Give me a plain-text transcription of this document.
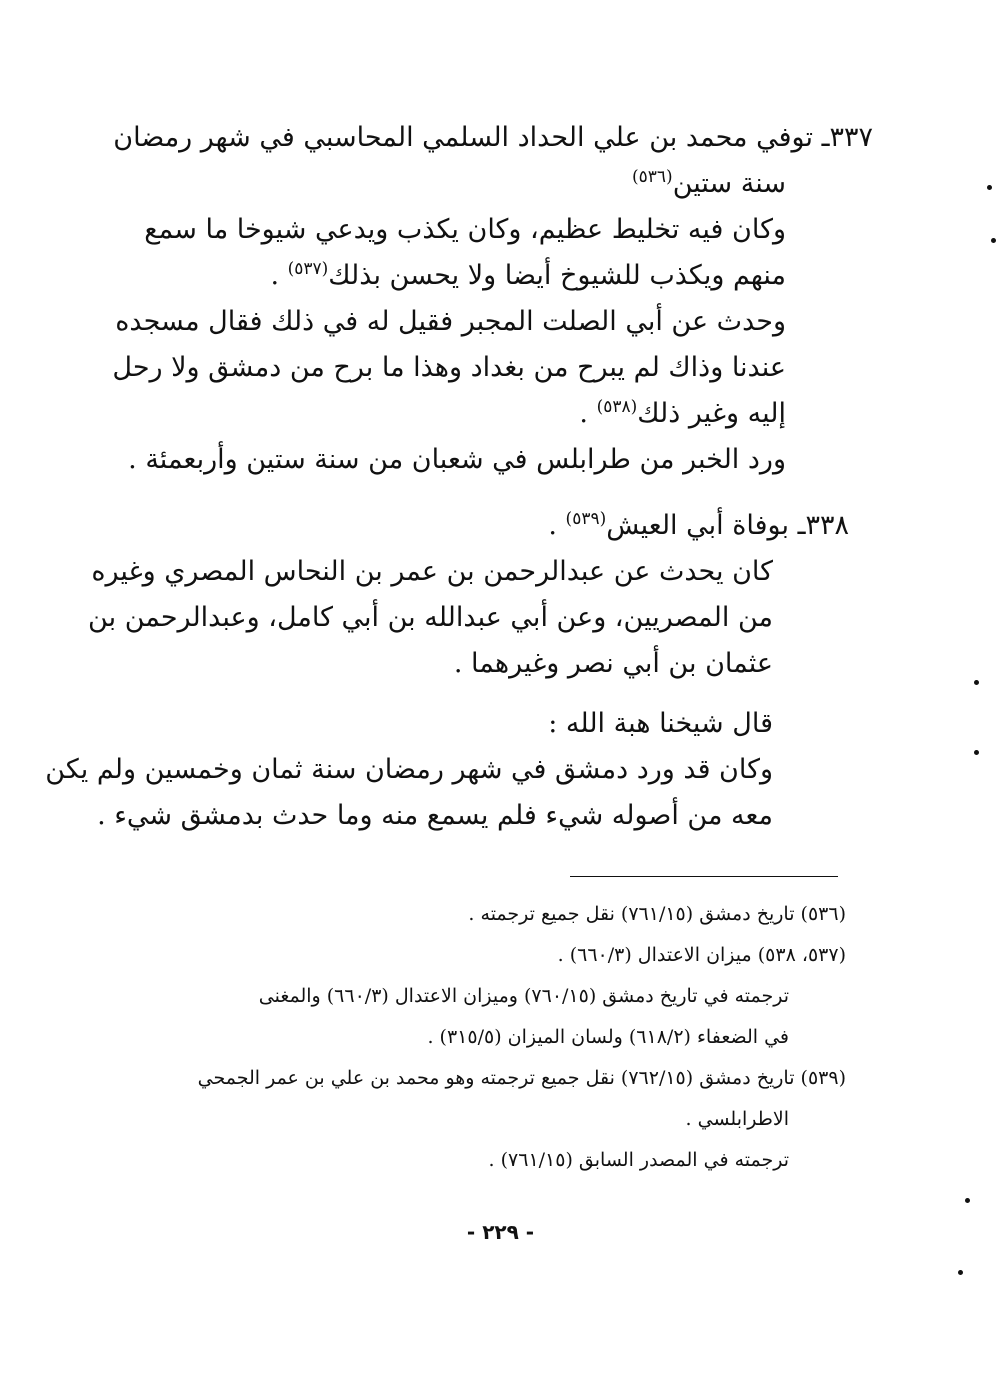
٣٣٧ـ توفي محمد بن علي الحداد السلمي المحاسبي في شهر رمضان
سنة ستين$^{(٥٣٦)}$
وكان فيه تخليط عظيم، وكان يكذب ويدعي شيوخا ما سمع
منهم ويكذب للشيوخ أيضا ولا يحسن بذلك$^{(٥٣٧)}$ .
وحدث عن أبي الصلت المجبر فقيل له في ذلك فقال مسجده
عندنا وذاك لم يبرح من بغداد وهذا ما برح من دمشق ولا رحل
إليه وغير ذلك$^{(٥٣٨)}$ .
ورد الخبر من طرابلس في شعبان من سنة ستين وأربعمئة .
٣٣٨ـ بوفاة أبي العيش$^{(٥٣٩)}$ .
كان يحدث عن عبدالرحمن بن عمر بن النحاس المصري وغيره
من المصريين، وعن أبي عبدالله بن أبي كامل، وعبدالرحمن بن
عثمان بن أبي نصر وغيرهما .
قال شيخنا هبة الله :
وكان قد ورد دمشق في شهر رمضان سنة ثمان وخمسين ولم يكن
معه من أصوله شيء فلم يسمع منه وما حدث بدمشق شيء .
(٥٣٦) تاريخ دمشق (٧٦١/١٥) نقل جميع ترجمته .
(٥٣٧، ٥٣٨) ميزان الاعتدال (٦٦٠/٣) .
ترجمته في تاريخ دمشق (٧٦٠/١٥) وميزان الاعتدال (٦٦٠/٣) والمغنى
في الضعفاء (٦١٨/٢) ولسان الميزان (٣١٥/٥) .
(٥٣٩) تاريخ دمشق (٧٦٢/١٥) نقل جميع ترجمته وهو محمد بن علي بن عمر الجمحي
الاطرابلسي .
ترجمته في المصدر السابق (٧٦١/١٥) .
- ٢٢٩ -
